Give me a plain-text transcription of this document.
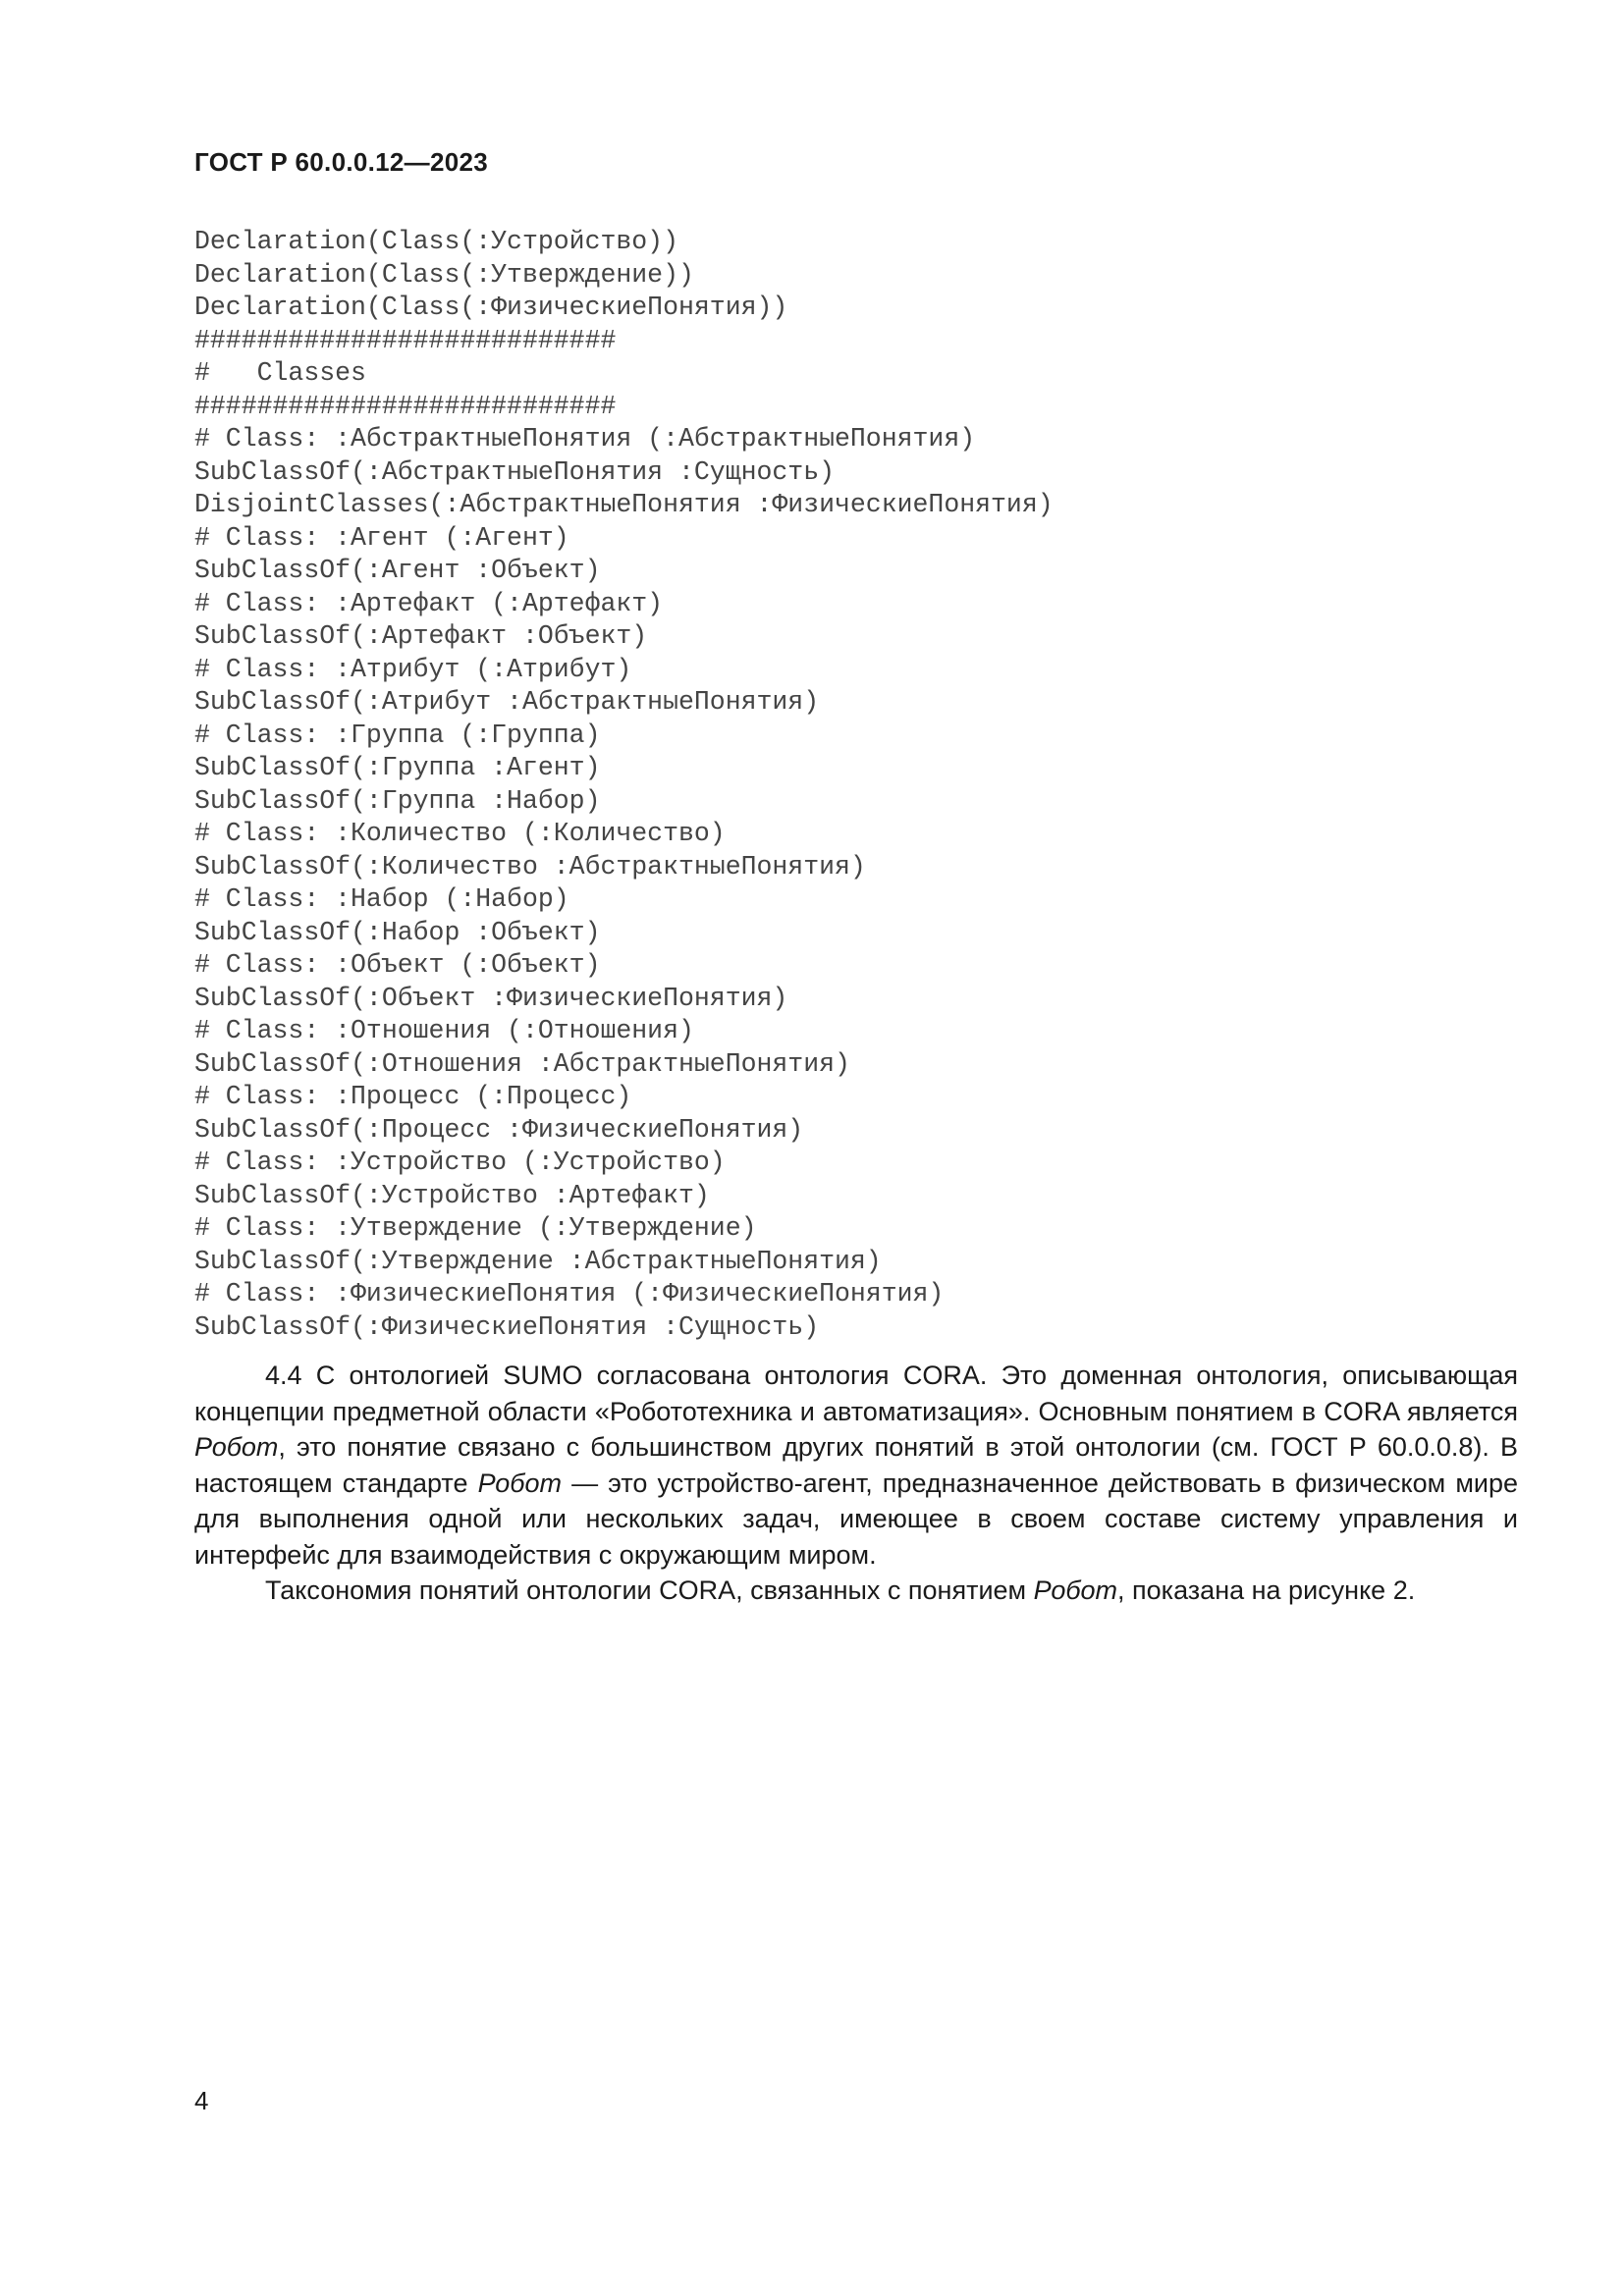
ГОСТ Р 60.0.0.12—2023
Declaration(Class(:Устройство))
Declaration(Class(:Утверждение))
Declaration(Class(:ФизическиеПонятия))
###########################
#   Classes
###########################
# Class: :АбстрактныеПонятия (:АбстрактныеПонятия)
SubClassOf(:АбстрактныеПонятия :Сущность)
DisjointClasses(:АбстрактныеПонятия :ФизическиеПонятия)
# Class: :Агент (:Агент)
SubClassOf(:Агент :Объект)
# Class: :Артефакт (:Артефакт)
SubClassOf(:Артефакт :Объект)
# Class: :Атрибут (:Атрибут)
SubClassOf(:Атрибут :АбстрактныеПонятия)
# Class: :Группа (:Группа)
SubClassOf(:Группа :Агент)
SubClassOf(:Группа :Набор)
# Class: :Количество (:Количество)
SubClassOf(:Количество :АбстрактныеПонятия)
# Class: :Набор (:Набор)
SubClassOf(:Набор :Объект)
# Class: :Объект (:Объект)
SubClassOf(:Объект :ФизическиеПонятия)
# Class: :Отношения (:Отношения)
SubClassOf(:Отношения :АбстрактныеПонятия)
# Class: :Процесс (:Процесс)
SubClassOf(:Процесс :ФизическиеПонятия)
# Class: :Устройство (:Устройство)
SubClassOf(:Устройство :Артефакт)
# Class: :Утверждение (:Утверждение)
SubClassOf(:Утверждение :АбстрактныеПонятия)
# Class: :ФизическиеПонятия (:ФизическиеПонятия)
SubClassOf(:ФизическиеПонятия :Сущность)

4.4 С онтологией SUMO согласована онтология CORA. Это доменная онтология, описывающая концепции предметной области «Робототехника и автоматизация». Основным понятием в CORA является Робот, это понятие связано с большинством других понятий в этой онтологии (см. ГОСТ Р 60.0.0.8). В настоящем стандарте Робот — это устройство-агент, предназначенное действовать в физическом мире для выполнения одной или нескольких задач, имеющее в своем составе систему управления и интерфейс для взаимодействия с окружающим миром.

Таксономия понятий онтологии CORA, связанных с понятием Робот, показана на рисунке 2.

4
